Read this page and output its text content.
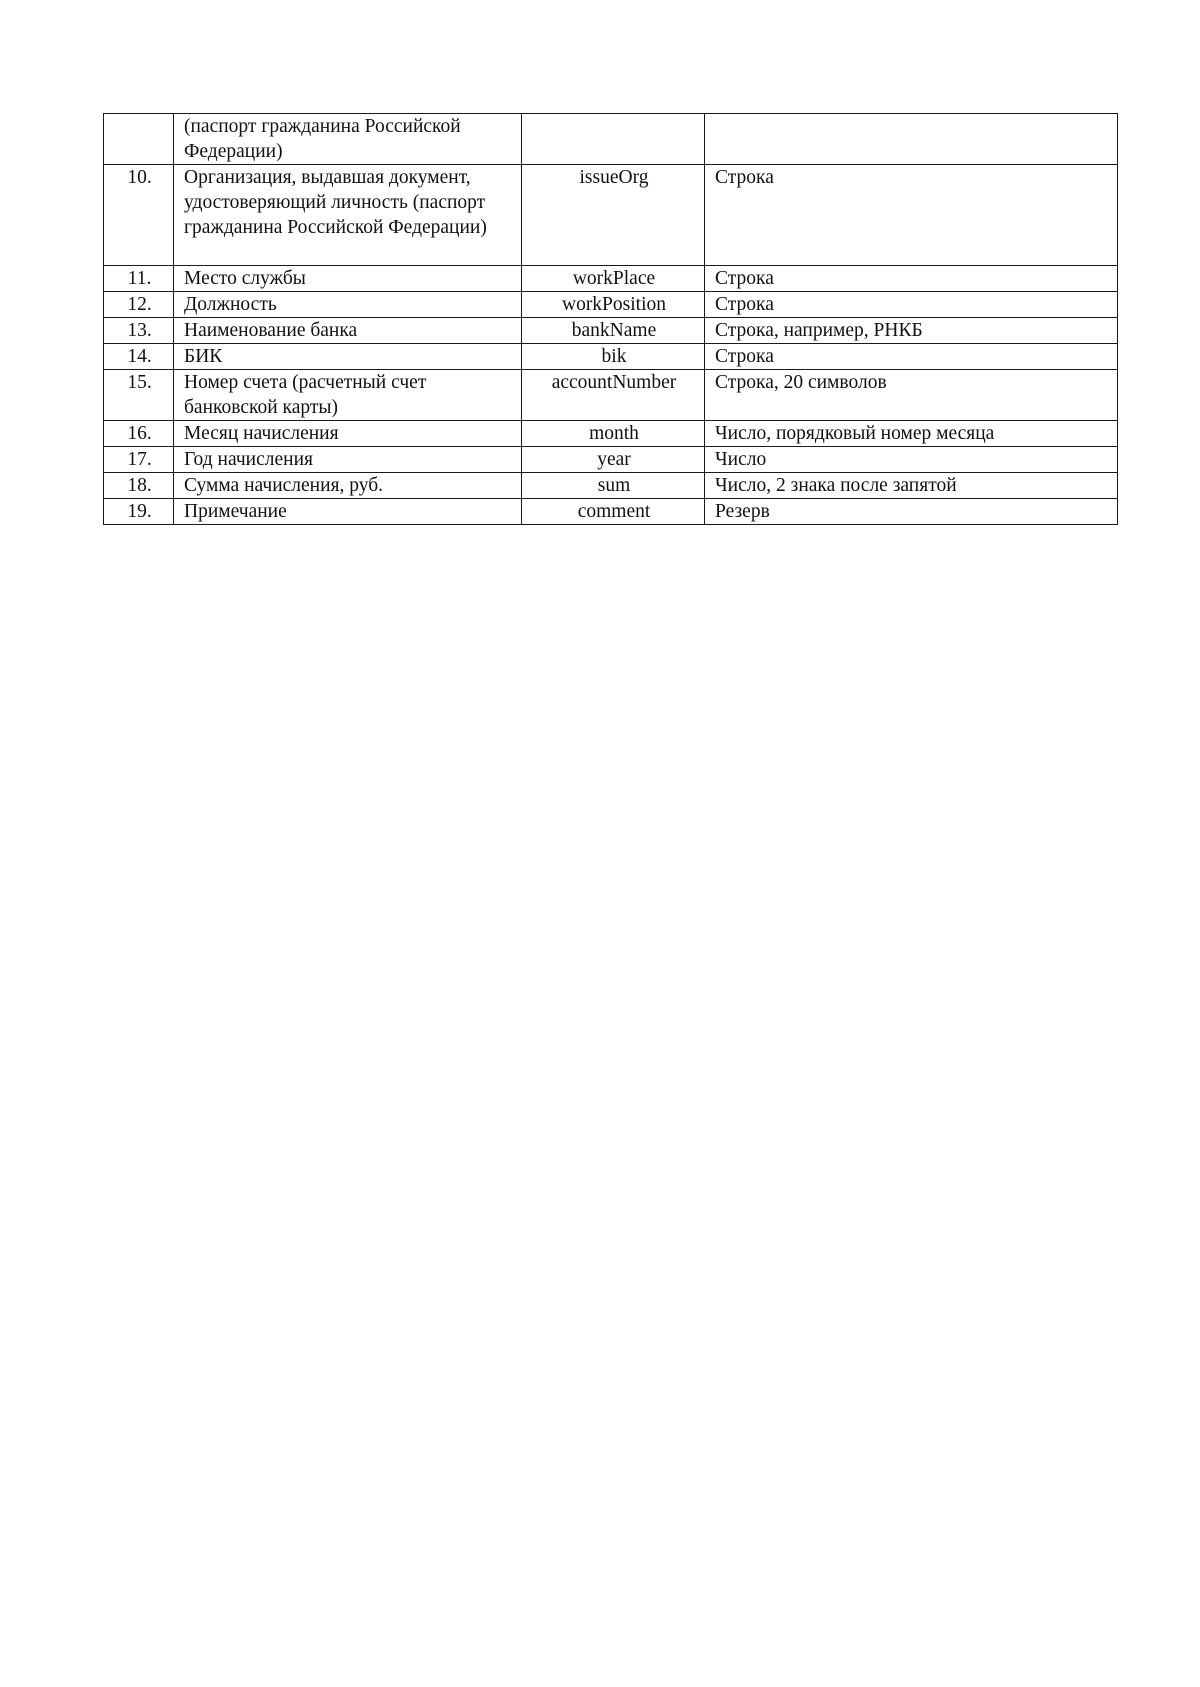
	(паспорт гражданина Российской Федерации)		
10.	Организация, выдавшая документ, удостоверяющий личность (паспорт гражданина Российской Федерации)	issueOrg	Строка
11.	Место службы	workPlace	Строка
12.	Должность	workPosition	Строка
13.	Наименование банка	bankName	Строка, например, РНКБ
14.	БИК	bik	Строка
15.	Номер счета (расчетный счет банковской карты)	accountNumber	Строка, 20 символов
16.	Месяц начисления	month	Число, порядковый номер месяца
17.	Год начисления	year	Число
18.	Сумма начисления, руб.	sum	Число, 2 знака после запятой
19.	Примечание	comment	Резерв
